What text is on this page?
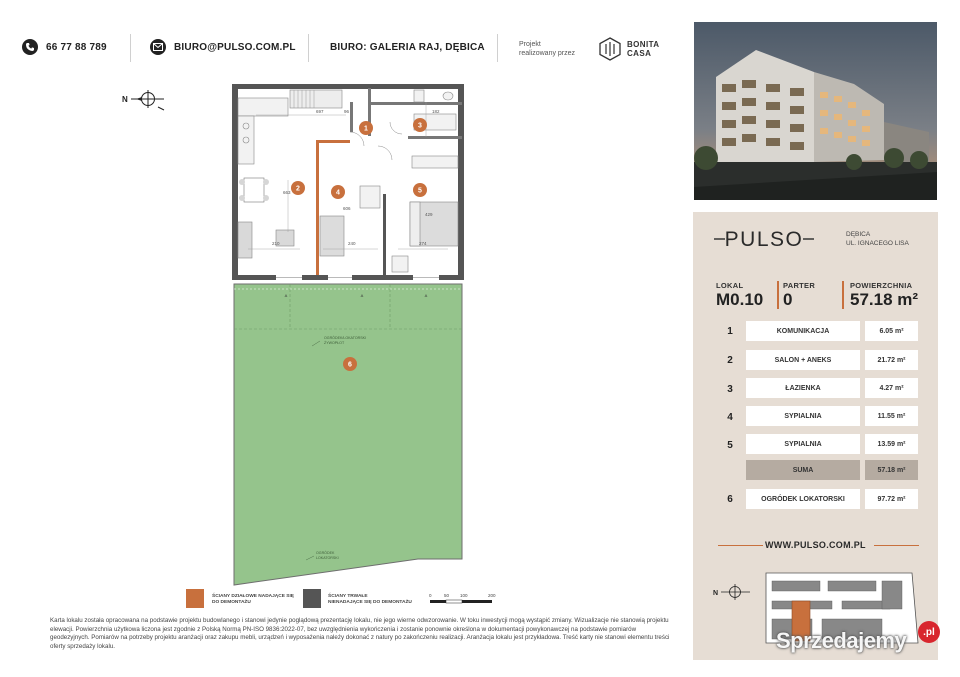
66 77 88 789	BIURO@PULSO.COM.PL	BIURO: GALERIA RAJ, DĘBICA	Projekt
realizowany przez
BONITA
CASA
N
697	96	182
663
210	240	274
606
429
1
2
3
4	5
6
OGRÓDEK/LOKATORSKI
ŻYWOPŁOT
OGRÓDEK
LOKATORSKI
A	A	A
ŚCIANY DZIAŁOWE NADAJĄCE SIĘ
DO DEMONTAŻU
ŚCIANY TRWAŁE
NIENADAJĄCE SIĘ DO DEMONTAŻU
0	50 100	200
Karta lokalu została opracowana na podstawie projektu budowlanego i stanowi jedynie poglądową prezentację lokalu, nie jego wierne odwzorowanie. W toku inwestycji mogą wystąpić zmiany. Wizualizacje nie stanowią projektu elewacji. Powierzchnia użytkowa liczona jest zgodnie z Polską Normą PN-ISO 9836:2022-07, bez uwzględnienia wykończenia i zostanie ponownie określona w dokumentacji powykonawczej na podstawie pomiarów geodezyjnych. Pomiarów na potrzeby projektu aranżacji oraz zakupu mebli, urządzeń i wyposażenia należy dokonać z natury po zakończeniu realizacji. Aranżacja lokalu jest przykładowa. Treść karty nie stanowi elementu treści oferty sprzedaży lokalu.
PULSO	DĘBICA
UL. IGNACEGO LISA
LOKAL
M0.10
PARTER
0
POWIERZCHNIA
57.18 m²
1	KOMUNIKACJA	6.05 m²
2	SALON + ANEKS	21.72 m²
3	ŁAZIENKA	4.27 m²
4	SYPIALNIA	11.55 m²
5	SYPIALNIA	13.59 m²
SUMA	57.18 m²
6	OGRÓDEK LOKATORSKI	97.72 m²
WWW.PULSO.COM.PL
N
Sprzedajemy	.pl
